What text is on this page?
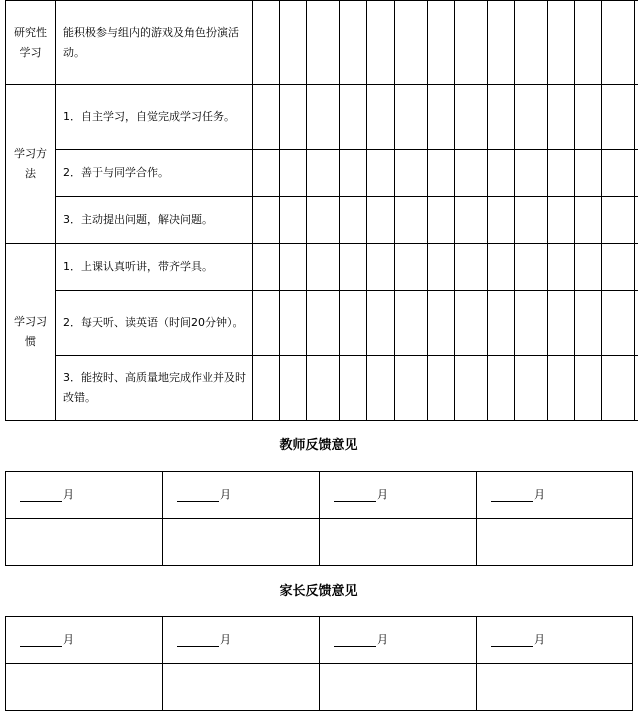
研究性学习	能积极参与组内的游戏及角色扮演活动。														
学习方法	1．自主学习，自觉完成学习任务。														
	2．善于与同学合作。														
	3．主动提出问题，解决问题。														
学习习惯	1．上课认真听讲，带齐学具。														
	2．每天听、读英语（时间20分钟）。														
	3．能按时、高质量地完成作业并及时改错。														
教师反馈意见
月	月	月	月

家长反馈意见
月	月	月	月
